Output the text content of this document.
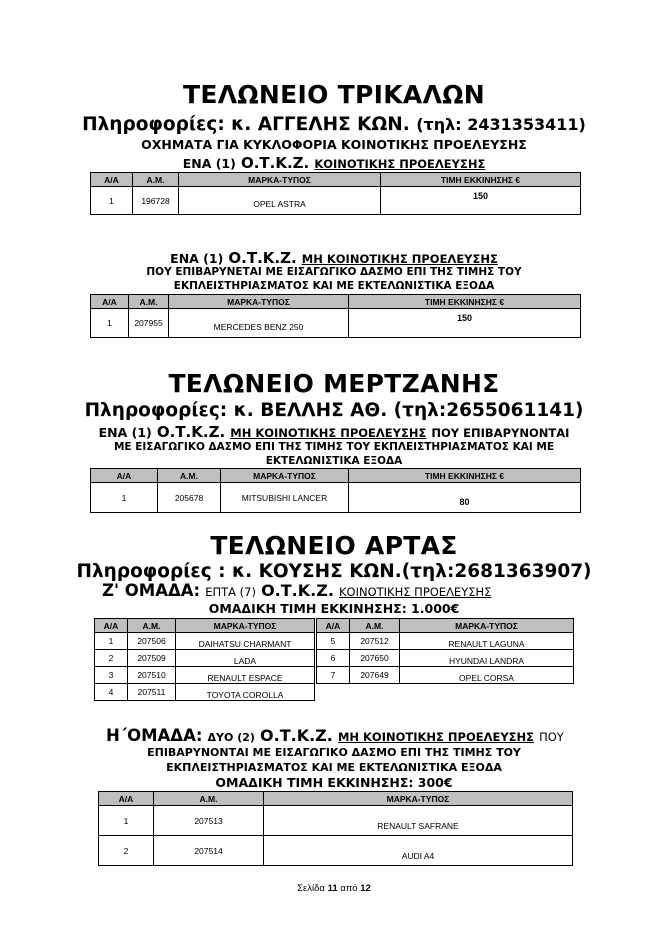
ΤΕΛΩΝΕΙΟ ΤΡΙΚΑΛΩΝ
Πληροφορίες: κ. ΑΓΓΕΛΗΣ ΚΩΝ. (τηλ: 2431353411)
ΟΧΗΜΑΤΑ ΓΙΑ ΚΥΚΛΟΦΟΡΙΑ ΚΟΙΝΟΤΙΚΗΣ ΠΡΟΕΛΕΥΣΗΣ
ΕΝΑ (1) Ο.Τ.Κ.Ζ. ΚΟΙΝΟΤΙΚΗΣ ΠΡΟΕΛΕΥΣΗΣ
Α/Α	Α.Μ.	ΜΑΡΚΑ-ΤΥΠΟΣ	ΤΙΜΗ ΕΚΚΙΝΗΣΗΣ €
1	196728	OPEL ASTRA	150
ΕΝΑ (1) Ο.Τ.Κ.Ζ. ΜΗ ΚΟΙΝΟΤΙΚΗΣ ΠΡΟΕΛΕΥΣΗΣ
ΠΟΥ ΕΠΙΒΑΡΥΝΕΤΑΙ ΜΕ ΕΙΣΑΓΩΓΙΚΟ ΔΑΣΜΟ ΕΠΙ ΤΗΣ ΤΙΜΗΣ ΤΟΥ
ΕΚΠΛΕΙΣΤΗΡΙΑΣΜΑΤΟΣ ΚΑΙ ΜΕ ΕΚΤΕΛΩΝΙΣΤΙΚΑ ΕΞΟΔΑ
Α/Α	Α.Μ.	ΜΑΡΚΑ-ΤΥΠΟΣ	ΤΙΜΗ ΕΚΚΙΝΗΣΗΣ €
1	207955	MERCEDES BENZ 250	150
ΤΕΛΩΝΕΙΟ ΜΕΡΤΖΑΝΗΣ
Πληροφορίες: κ. ΒΕΛΛΗΣ ΑΘ. (τηλ:2655061141)
ΕΝΑ (1) Ο.Τ.Κ.Ζ. ΜΗ ΚΟΙΝΟΤΙΚΗΣ ΠΡΟΕΛΕΥΣΗΣ ΠΟΥ ΕΠΙΒΑΡΥΝΟΝΤΑΙ
ΜΕ ΕΙΣΑΓΩΓΙΚΟ ΔΑΣΜΟ ΕΠΙ ΤΗΣ ΤΙΜΗΣ ΤΟΥ ΕΚΠΛΕΙΣΤΗΡΙΑΣΜΑΤΟΣ ΚΑΙ ΜΕ
ΕΚΤΕΛΩΝΙΣΤΙΚΑ ΕΞΟΔΑ
Α/Α	Α.Μ.	ΜΑΡΚΑ-ΤΥΠΟΣ	ΤΙΜΗ ΕΚΚΙΝΗΣΗΣ €
1	205678	MITSUBISHI LANCER	80
ΤΕΛΩΝΕΙΟ ΑΡΤΑΣ
Πληροφορίες : κ. ΚΟΥΣΗΣ ΚΩΝ.(τηλ:2681363907)
Ζ' ΟΜΑΔΑ: ΕΠΤΑ (7) Ο.Τ.Κ.Ζ. ΚΟΙΝΟΤΙΚΗΣ ΠΡΟΕΛΕΥΣΗΣ
ΟΜΑΔΙΚΗ ΤΙΜΗ ΕΚΚΙΝΗΣΗΣ: 1.000€
Α/Α	Α.Μ.	ΜΑΡΚΑ-ΤΥΠΟΣ
1	207506	DAIHATSU CHARMANT
2	207509	LADA
3	207510	RENAULT ESPACE
4	207511	TOYOTA COROLLA
Α/Α	Α.Μ.	ΜΑΡΚΑ-ΤΥΠΟΣ
5	207512	RENAULT LAGUNA
6	207650	HYUNDAI LANDRA
7	207649	OPEL CORSA
Η΄ΟΜΑΔΑ: ΔΥΟ (2) Ο.Τ.Κ.Ζ. ΜΗ ΚΟΙΝΟΤΙΚΗΣ ΠΡΟΕΛΕΥΣΗΣ ΠΟΥ
ΕΠΙΒΑΡΥΝΟΝΤΑΙ ΜΕ ΕΙΣΑΓΩΓΙΚΟ ΔΑΣΜΟ ΕΠΙ ΤΗΣ ΤΙΜΗΣ ΤΟΥ
ΕΚΠΛΕΙΣΤΗΡΙΑΣΜΑΤΟΣ ΚΑΙ ΜΕ ΕΚΤΕΛΩΝΙΣΤΙΚΑ ΕΞΟΔΑ
ΟΜΑΔΙΚΗ ΤΙΜΗ ΕΚΚΙΝΗΣΗΣ: 300€
Α/Α	Α.Μ.	ΜΑΡΚΑ-ΤΥΠΟΣ
1	207513	RENAULT SAFRANE
2	207514	AUDI A4
Σελίδα 11 από 12
